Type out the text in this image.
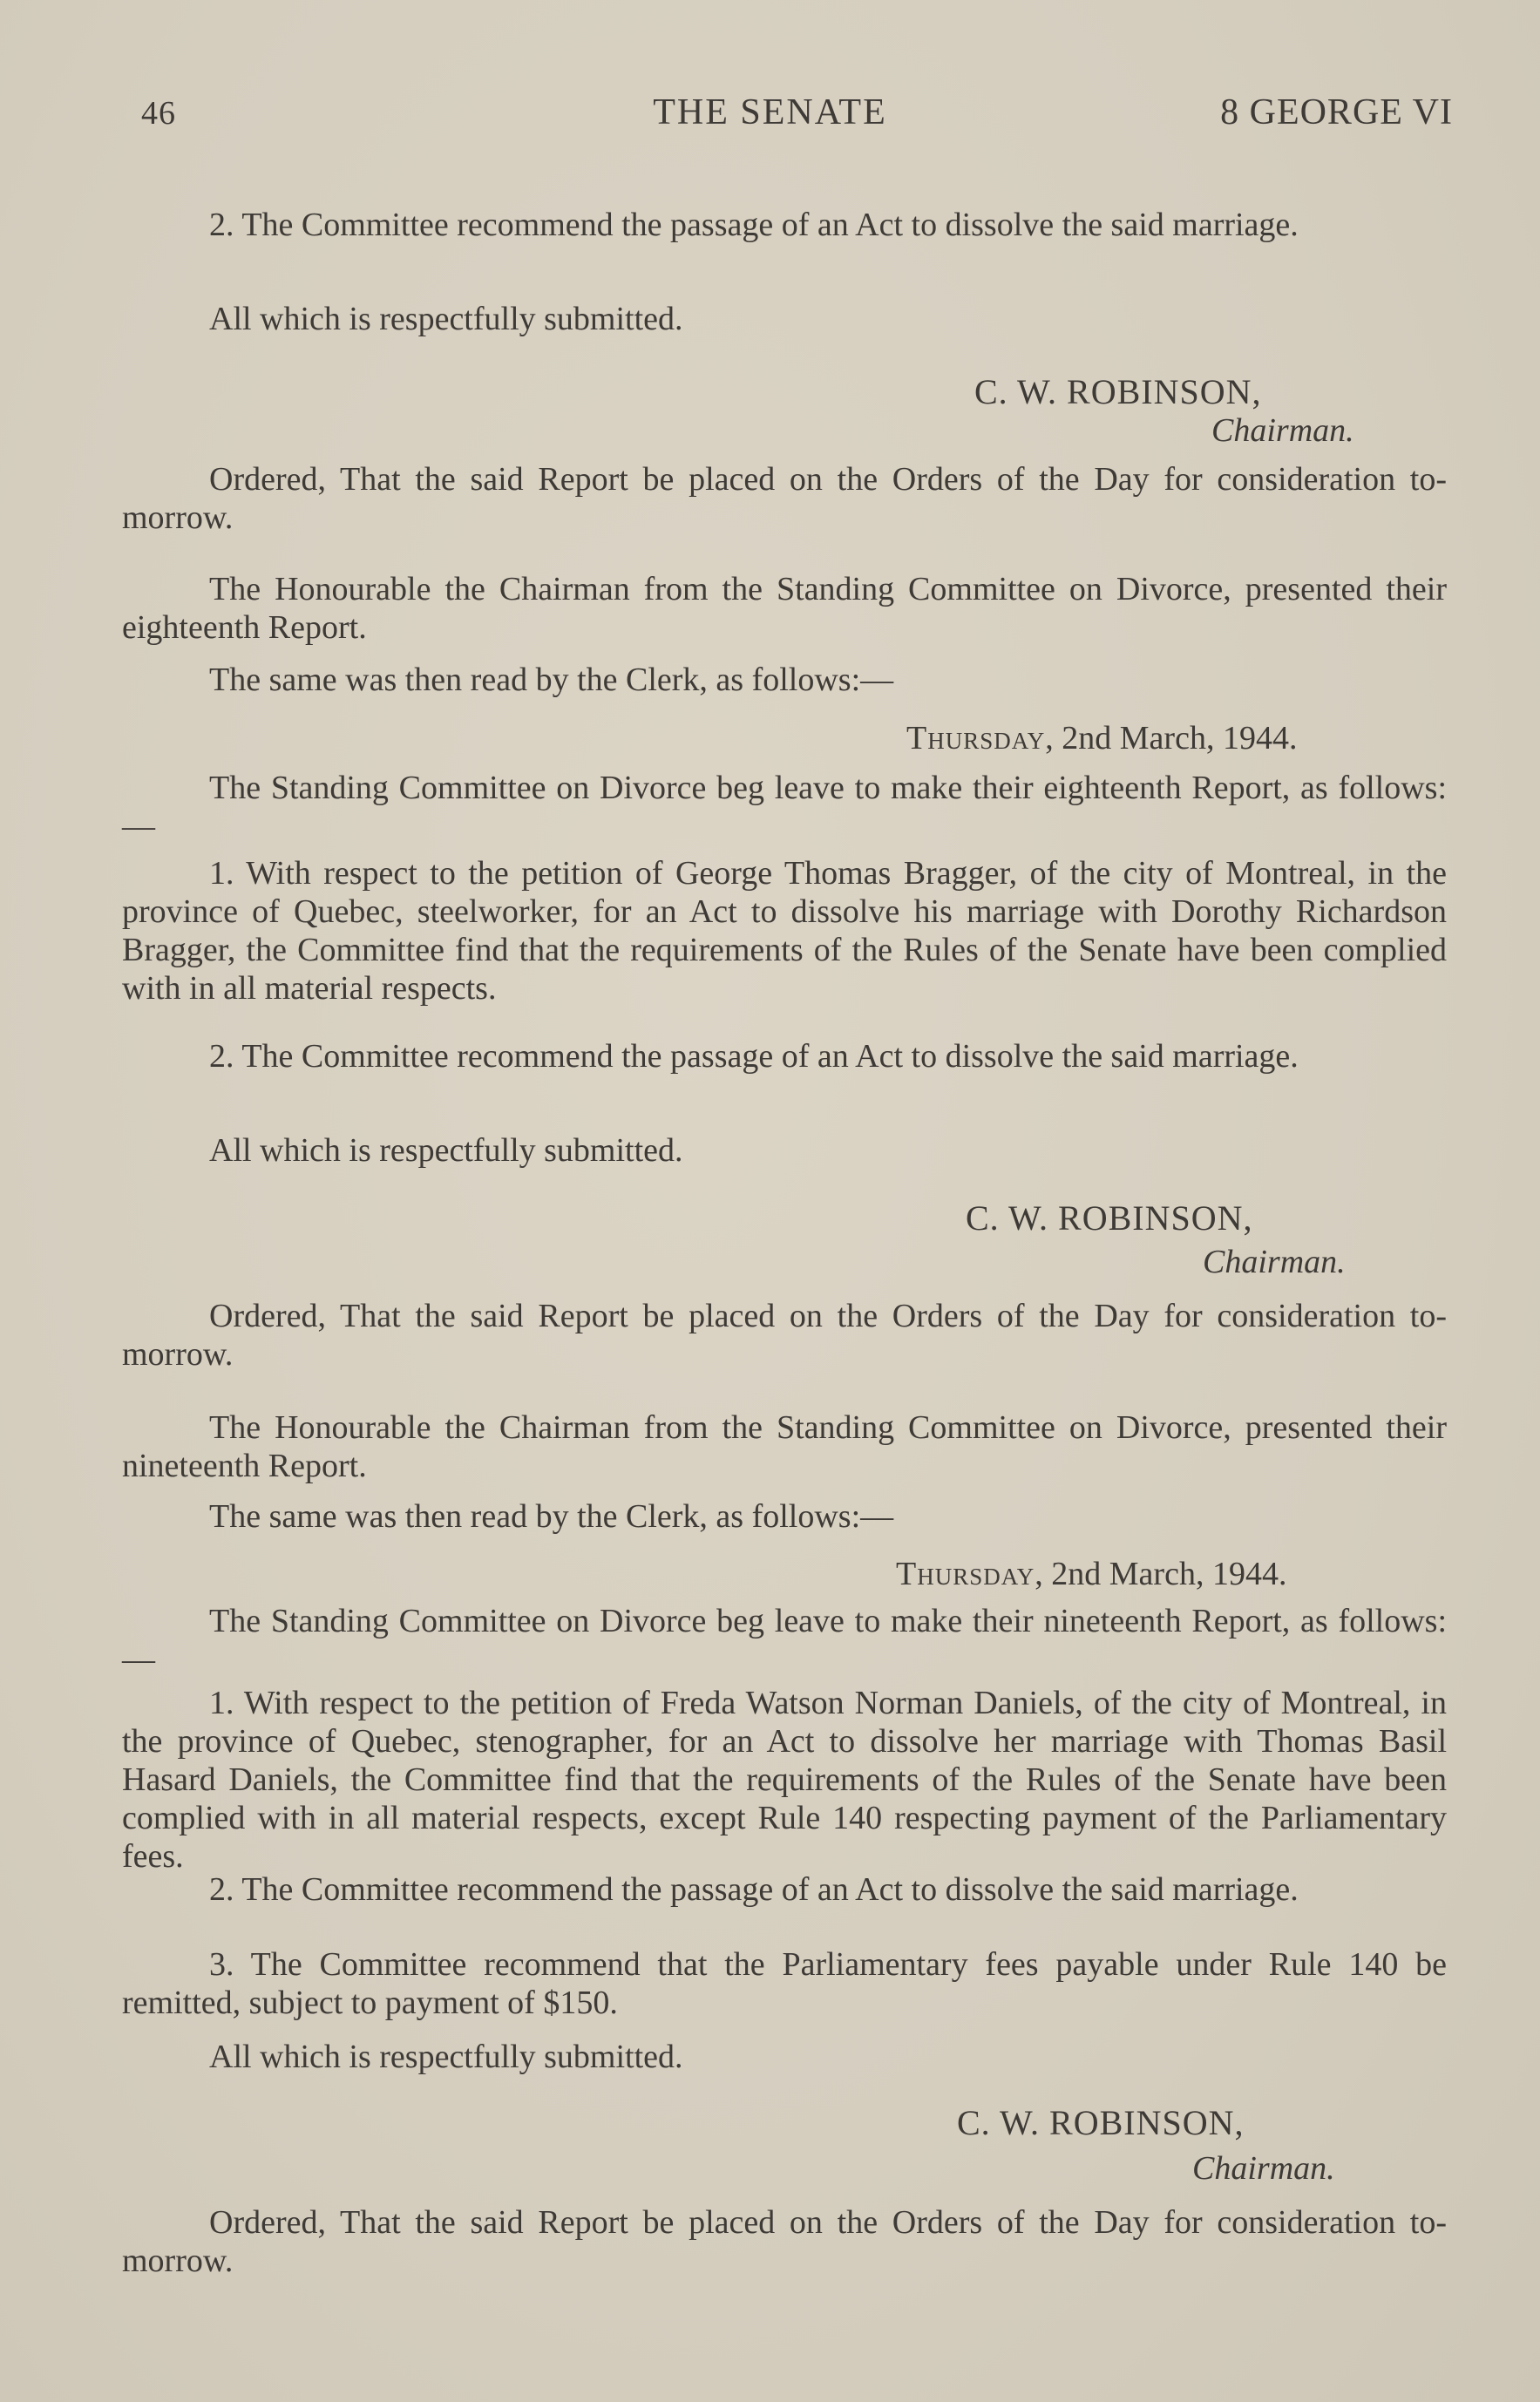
46	THE SENATE	8 GEORGE VI

2. The Committee recommend the passage of an Act to dissolve the said marriage.

All which is respectfully submitted.

C. W. ROBINSON,
Chairman.

Ordered, That the said Report be placed on the Orders of the Day for consideration to-morrow.

The Honourable the Chairman from the Standing Committee on Divorce, presented their eighteenth Report.

The same was then read by the Clerk, as follows:—

Thursday, 2nd March, 1944.

The Standing Committee on Divorce beg leave to make their eighteenth Report, as follows:—

1. With respect to the petition of George Thomas Bragger, of the city of Montreal, in the province of Quebec, steelworker, for an Act to dissolve his marriage with Dorothy Richardson Bragger, the Committee find that the requirements of the Rules of the Senate have been complied with in all material respects.

2. The Committee recommend the passage of an Act to dissolve the said marriage.

All which is respectfully submitted.

C. W. ROBINSON,
Chairman.

Ordered, That the said Report be placed on the Orders of the Day for consideration to-morrow.

The Honourable the Chairman from the Standing Committee on Divorce, presented their nineteenth Report.

The same was then read by the Clerk, as follows:—

Thursday, 2nd March, 1944.

The Standing Committee on Divorce beg leave to make their nineteenth Report, as follows:—

1. With respect to the petition of Freda Watson Norman Daniels, of the city of Montreal, in the province of Quebec, stenographer, for an Act to dissolve her marriage with Thomas Basil Hasard Daniels, the Committee find that the requirements of the Rules of the Senate have been complied with in all material respects, except Rule 140 respecting payment of the Parliamentary fees.

2. The Committee recommend the passage of an Act to dissolve the said marriage.

3. The Committee recommend that the Parliamentary fees payable under Rule 140 be remitted, subject to payment of $150.

All which is respectfully submitted.

C. W. ROBINSON,
Chairman.

Ordered, That the said Report be placed on the Orders of the Day for consideration to-morrow.
